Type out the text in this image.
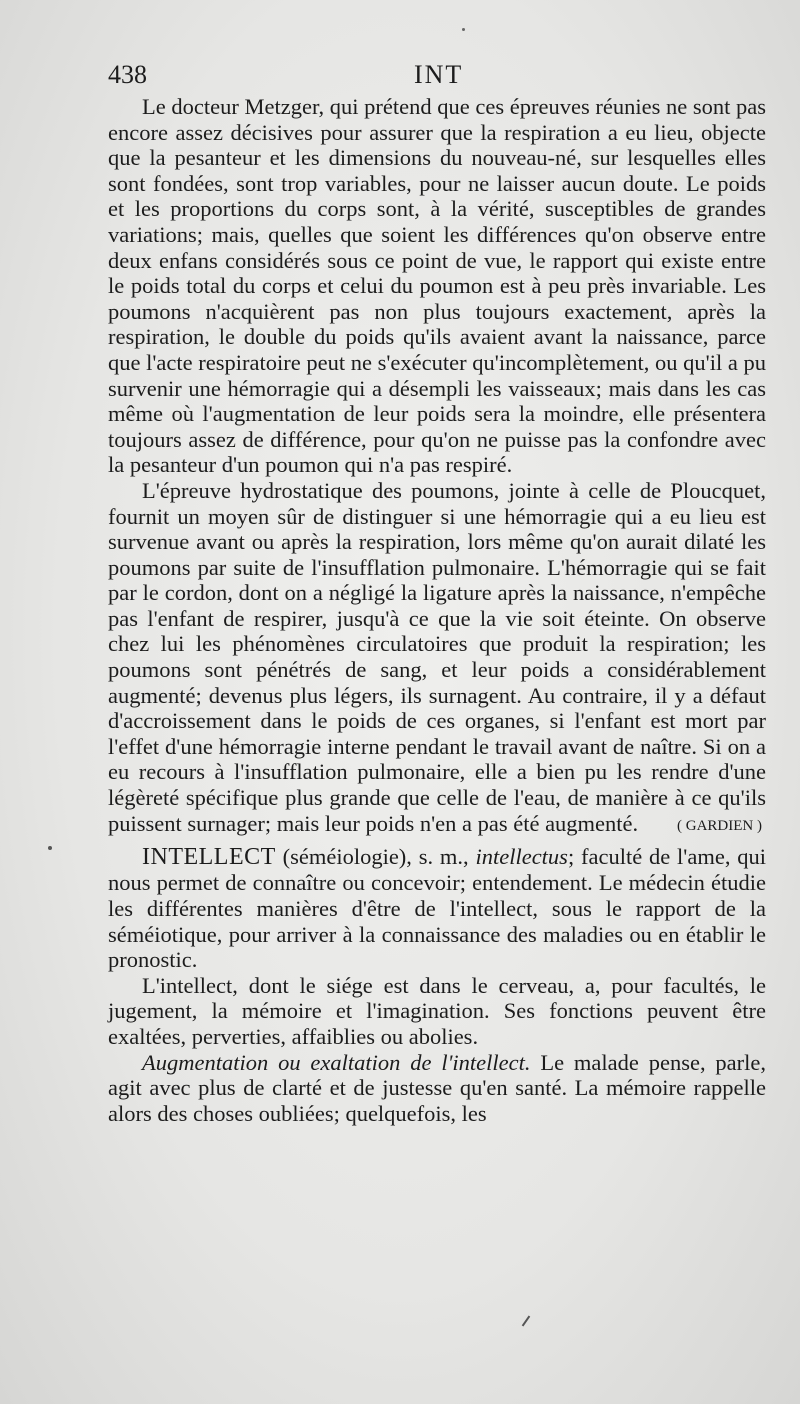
438	INT

Le docteur Metzger, qui prétend que ces épreuves réunies ne sont pas encore assez décisives pour assurer que la respiration a eu lieu, objecte que la pesanteur et les dimensions du nouveau-né, sur lesquelles elles sont fondées, sont trop variables, pour ne laisser aucun doute. Le poids et les proportions du corps sont, à la vérité, susceptibles de grandes variations; mais, quelles que soient les différences qu'on observe entre deux enfans considérés sous ce point de vue, le rapport qui existe entre le poids total du corps et celui du poumon est à peu près invariable. Les poumons n'acquièrent pas non plus toujours exactement, après la respiration, le double du poids qu'ils avaient avant la naissance, parce que l'acte respiratoire peut ne s'exécuter qu'incomplètement, ou qu'il a pu survenir une hémorragie qui a désempli les vaisseaux; mais dans les cas même où l'augmentation de leur poids sera la moindre, elle présentera toujours assez de différence, pour qu'on ne puisse pas la confondre avec la pesanteur d'un poumon qui n'a pas respiré.

L'épreuve hydrostatique des poumons, jointe à celle de Ploucquet, fournit un moyen sûr de distinguer si une hémorragie qui a eu lieu est survenue avant ou après la respiration, lors même qu'on aurait dilaté les poumons par suite de l'insufflation pulmonaire. L'hémorragie qui se fait par le cordon, dont on a négligé la ligature après la naissance, n'empêche pas l'enfant de respirer, jusqu'à ce que la vie soit éteinte. On observe chez lui les phénomènes circulatoires que produit la respiration; les poumons sont pénétrés de sang, et leur poids a considérablement augmenté; devenus plus légers, ils surnagent. Au contraire, il y a défaut d'accroissement dans le poids de ces organes, si l'enfant est mort par l'effet d'une hémorragie interne pendant le travail avant de naître. Si on a eu recours à l'insufflation pulmonaire, elle a bien pu les rendre d'une légèreté spécifique plus grande que celle de l'eau, de manière à ce qu'ils puissent surnager; mais leur poids n'en a pas été augmenté.	( GARDIEN )

INTELLECT (séméiologie), s. m., intellectus; faculté de l'ame, qui nous permet de connaître ou concevoir; entendement. Le médecin étudie les différentes manières d'être de l'intellect, sous le rapport de la séméiotique, pour arriver à la connaissance des maladies ou en établir le pronostic.

L'intellect, dont le siége est dans le cerveau, a, pour facultés, le jugement, la mémoire et l'imagination. Ses fonctions peuvent être exaltées, perverties, affaiblies ou abolies.

Augmentation ou exaltation de l'intellect. Le malade pense, parle, agit avec plus de clarté et de justesse qu'en santé. La mémoire rappelle alors des choses oubliées; quelquefois, les
